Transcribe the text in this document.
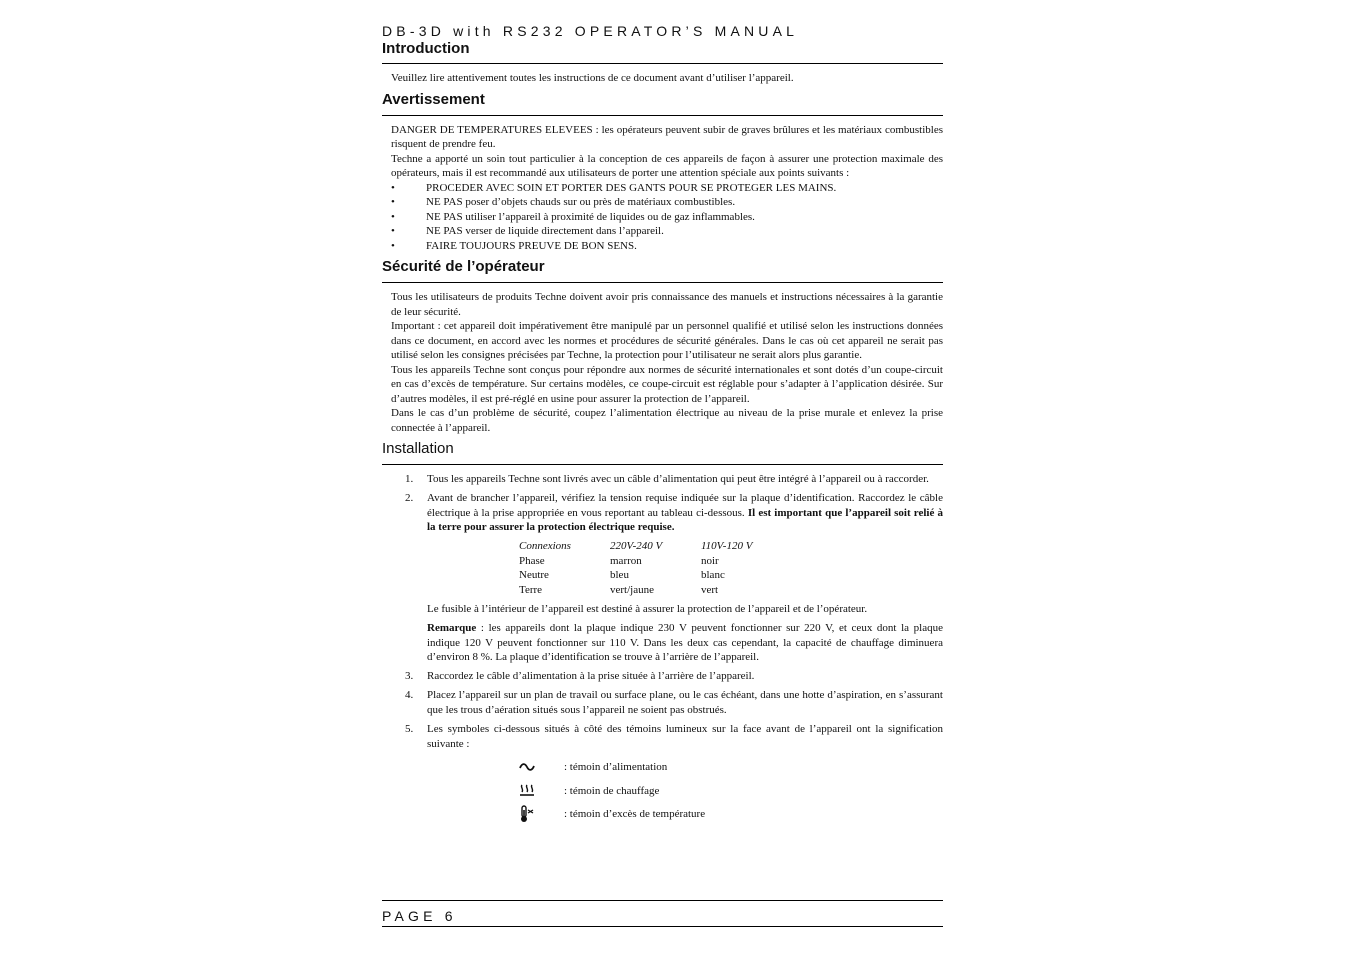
DB-3D with RS232 OPERATOR’S MANUAL
Introduction

Veuillez lire attentivement toutes les instructions de ce document avant d’utiliser l’appareil.

Avertissement

DANGER DE TEMPERATURES ELEVEES : les opérateurs peuvent subir de graves brûlures et les matériaux combustibles risquent de prendre feu.

Techne a apporté un soin tout particulier à la conception de ces appareils de façon à assurer une protection maximale des opérateurs, mais il est recommandé aux utilisateurs de porter une attention spéciale aux points suivants :

•	PROCEDER AVEC SOIN ET PORTER DES GANTS POUR SE PROTEGER LES MAINS.
•	NE PAS poser d’objets chauds sur ou près de matériaux combustibles.
•	NE PAS utiliser l’appareil à proximité de liquides ou de gaz inflammables.
•	NE PAS verser de liquide directement dans l’appareil.
•	FAIRE TOUJOURS PREUVE DE BON SENS.
Sécurité de l’opérateur

Tous les utilisateurs de produits Techne doivent avoir pris connaissance des manuels et instructions nécessaires à la garantie de leur sécurité.

Important : cet appareil doit impérativement être manipulé par un personnel qualifié et utilisé selon les instructions données dans ce document, en accord avec les normes et procédures de sécurité générales. Dans le cas où cet appareil ne serait pas utilisé selon les consignes précisées par Techne, la protection pour l’utilisateur ne serait alors plus garantie.

Tous les appareils Techne sont conçus pour répondre aux normes de sécurité internationales et sont dotés d’un coupe-circuit en cas d’excès de température. Sur certains modèles, ce coupe-circuit est réglable pour s’adapter à l’application désirée. Sur d’autres modèles, il est pré-réglé en usine pour assurer la protection de l’appareil.

Dans le cas d’un problème de sécurité, coupez l’alimentation électrique au niveau de la prise murale et enlevez la prise connectée à l’appareil.

Installation
1.	Tous les appareils Techne sont livrés avec un câble d’alimentation qui peut être intégré à l’appareil ou à raccorder.
2.	Avant de brancher l’appareil, vérifiez la tension requise indiquée sur la plaque d’identification. Raccordez le câble électrique à la prise appropriée en vous reportant au tableau ci-dessous. Il est important que l’appareil soit relié à la terre pour assurer la protection électrique requise.
Connexions	220V-240 V	110V-120 V
Phase	marron	noir
Neutre	bleu	blanc
Terre	vert/jaune	vert
Le fusible à l’intérieur de l’appareil est destiné à assurer la protection de l’appareil et de l’opérateur.
Remarque : les appareils dont la plaque indique 230 V peuvent fonctionner sur 220 V, et ceux dont la plaque indique 120 V peuvent fonctionner sur 110 V. Dans les deux cas cependant, la capacité de chauffage diminuera d’environ 8 %. La plaque d’identification se trouve à l’arrière de l’appareil.
3.	Raccordez le câble d’alimentation à la prise située à l’arrière de l’appareil.
4.	Placez l’appareil sur un plan de travail ou surface plane, ou le cas échéant, dans une hotte d’aspiration, en s’assurant que les trous d’aération situés sous l’appareil ne soient pas obstrués.
5.	Les symboles ci-dessous situés à côté des témoins lumineux sur la face avant de l’appareil ont la signification suivante :
: témoin d’alimentation
: témoin de chauffage
: témoin d’excès de température
PAGE 6
